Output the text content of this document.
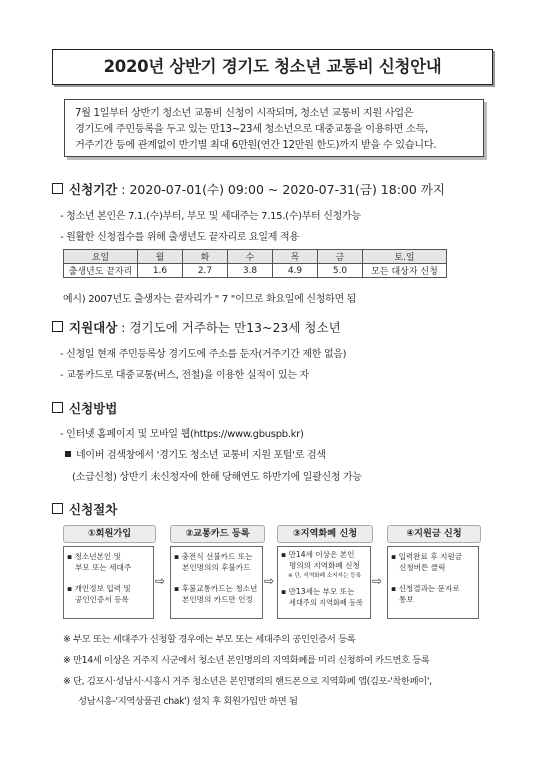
2020년 상반기 경기도 청소년 교통비 신청안내

7월 1일부터 상반기 청소년 교통비 신청이 시작되며, 청소년 교통비 지원 사업은

경기도에 주민등록을 두고 있는 만13~23세 청소년으로 대중교통을 이용하면 소득,

거주기간 등에 관계없이 반기별 최대 6만원(연간 12만원 한도)까지 받을 수 있습니다.

신청기간 : 2020-07-01(수) 09:00 ~ 2020-07-31(금) 18:00 까지
- 청소년 본인은 7.1.(수)부터, 부모 및 세대주는 7.15.(수)부터 신청가능
- 원활한 신청접수를 위해 출생년도 끝자리로 요일제 적용
요일	월	화	수	목	금	토.일
출생년도 끝자리	1.6	2.7	3.8	4.9	5.0	모든 대상자 신청
예시) 2007년도 출생자는 끝자리가 " 7 "이므로 화요일에 신청하면 됨
지원대상 : 경기도에 거주하는 만13~23세 청소년
- 신청일 현재 주민등록상 경기도에 주소를 둔자(거주기간 제한 없음)
- 교통카드로 대중교통(버스, 전철)을 이용한 실적이 있는 자
신청방법
- 인터넷 홈페이지 및 모바일 웹(https://www.gbuspb.kr)
네이버 검색창에서 '경기도 청소년 교통비 지원 포털'로 검색
(소급신청) 상반기 未신청자에 한해 당해연도 하반기에 일괄신청 가능
신청절차
①회원가입
▪ 청소년본인 및
부모 또는 세대주
▪ 개인정보 입력 및
공인인증서 등록
⇨
②교통카드 등록
▪ 충전식 선불카드 또는
본인명의의 후불카드
▪ 후불교통카드는 청소년
본인명의 카드만 인정
⇨
③지역화폐 신청
▪ 만14세 이상은 본인
명의의 지역화폐 신청
※ 단, 지역화폐 소지자는 등록
▪ 만13세는 부모 또는
세대주의 지역화폐 등록
⇨
④지원금 신청
▪ 입력완료 후 지원금
신청버튼 클릭
▪ 신청결과는 문자로
통보
※ 부모 또는 세대주가 신청할 경우에는 부모 또는 세대주의 공인인증서 등록
※ 만14세 이상은 거주지 시군에서 청소년 본인명의의 지역화폐를 미리 신청하여 카드번호 등록
※ 단, 김포시·성남시·시흥시 거주 청소년은 본인명의의 핸드폰으로 지역화폐 앱(김포-'착한페이',
성남시흥-'지역상품권 chak') 설치 후 회원가입만 하면 됨
